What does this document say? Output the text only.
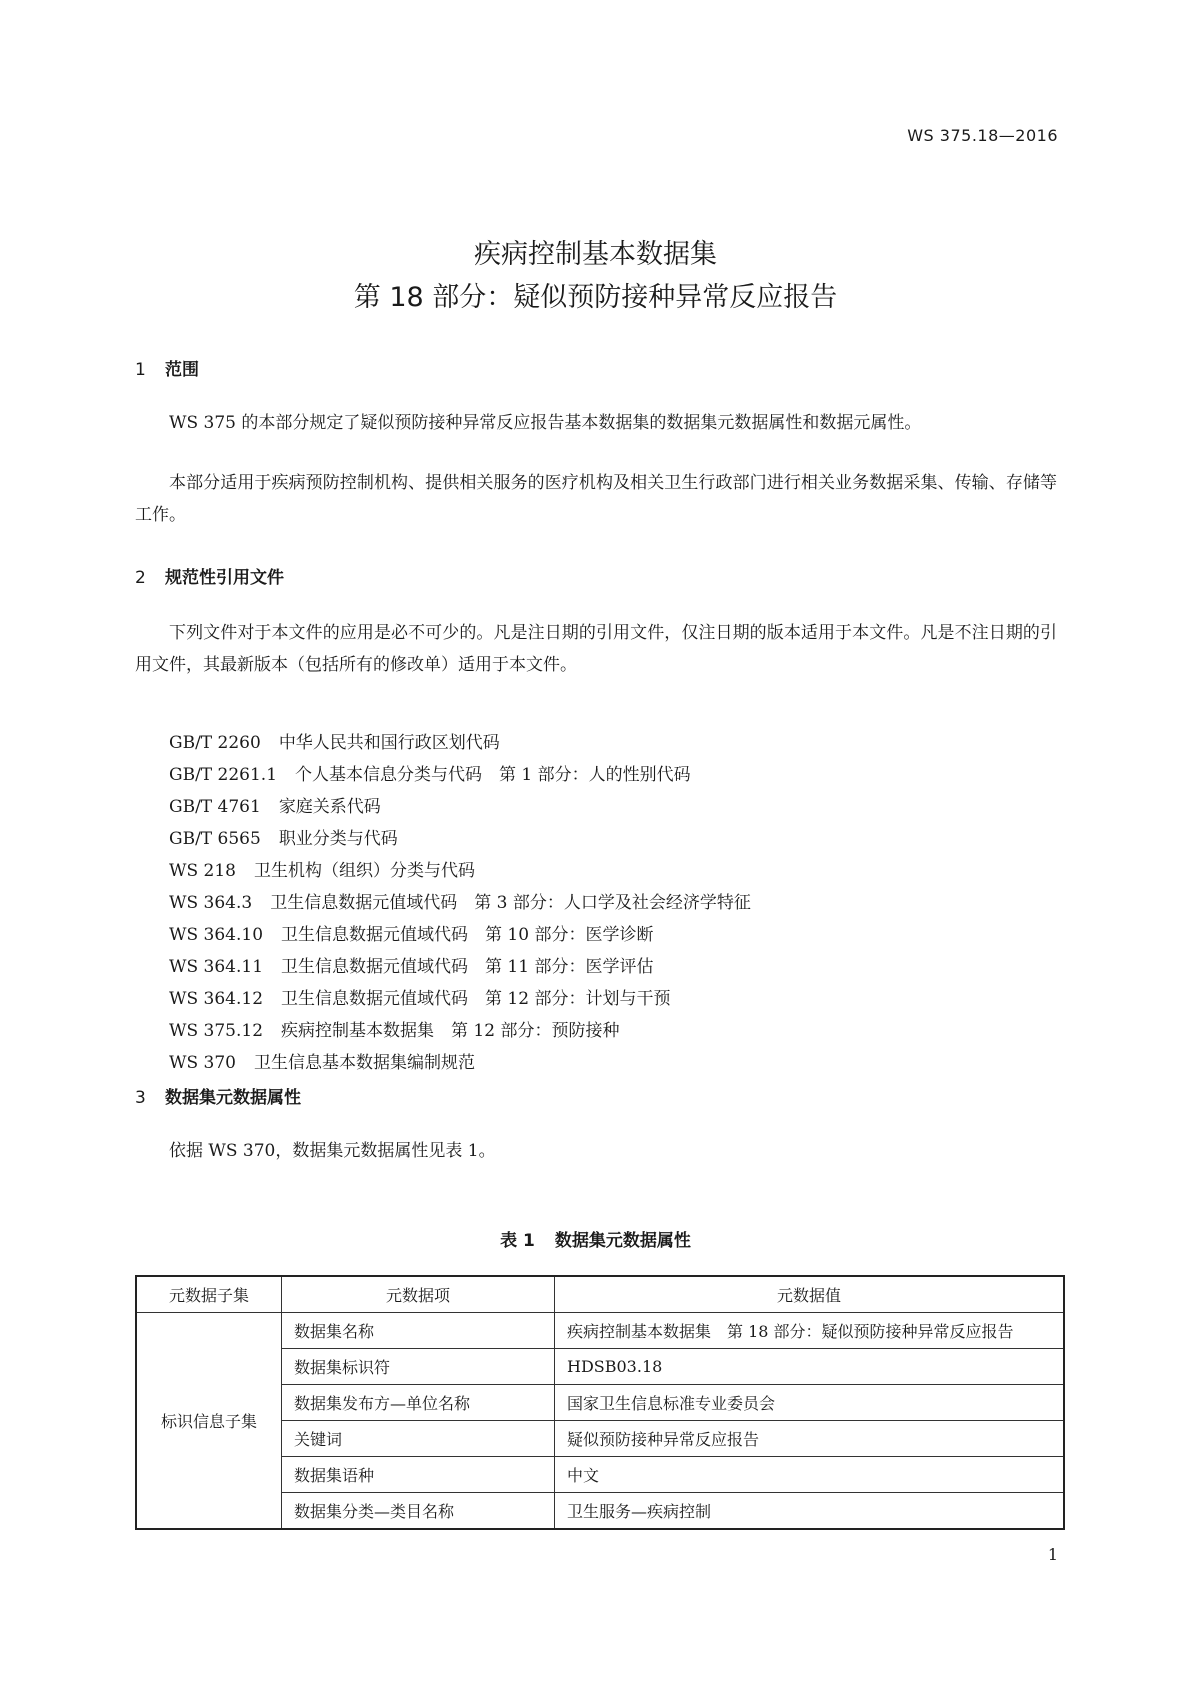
WS 375.18—2016
疾病控制基本数据集
第 18 部分：疑似预防接种异常反应报告
1 范围
WS 375 的本部分规定了疑似预防接种异常反应报告基本数据集的数据集元数据属性和数据元属性。
本部分适用于疾病预防控制机构、提供相关服务的医疗机构及相关卫生行政部门进行相关业务数据采集、传输、存储等工作。
2 规范性引用文件
下列文件对于本文件的应用是必不可少的。凡是注日期的引用文件，仅注日期的版本适用于本文件。凡是不注日期的引用文件，其最新版本（包括所有的修改单）适用于本文件。
GB/T 2260 中华人民共和国行政区划代码
GB/T 2261.1 个人基本信息分类与代码　第 1 部分：人的性别代码
GB/T 4761 家庭关系代码
GB/T 6565 职业分类与代码
WS 218 卫生机构（组织）分类与代码
WS 364.3 卫生信息数据元值域代码　第 3 部分：人口学及社会经济学特征
WS 364.10 卫生信息数据元值域代码　第 10 部分：医学诊断
WS 364.11 卫生信息数据元值域代码　第 11 部分：医学评估
WS 364.12 卫生信息数据元值域代码　第 12 部分：计划与干预
WS 375.12 疾病控制基本数据集　第 12 部分：预防接种
WS 370 卫生信息基本数据集编制规范
3 数据集元数据属性
依据 WS 370，数据集元数据属性见表 1。
表 1 数据集元数据属性
元数据子集	元数据项	元数据值
标识信息子集	数据集名称	疾病控制基本数据集　第 18 部分：疑似预防接种异常反应报告
	数据集标识符	HDSB03.18
	数据集发布方—单位名称	国家卫生信息标准专业委员会
	关键词	疑似预防接种异常反应报告
	数据集语种	中文
	数据集分类—类目名称	卫生服务—疾病控制
1
